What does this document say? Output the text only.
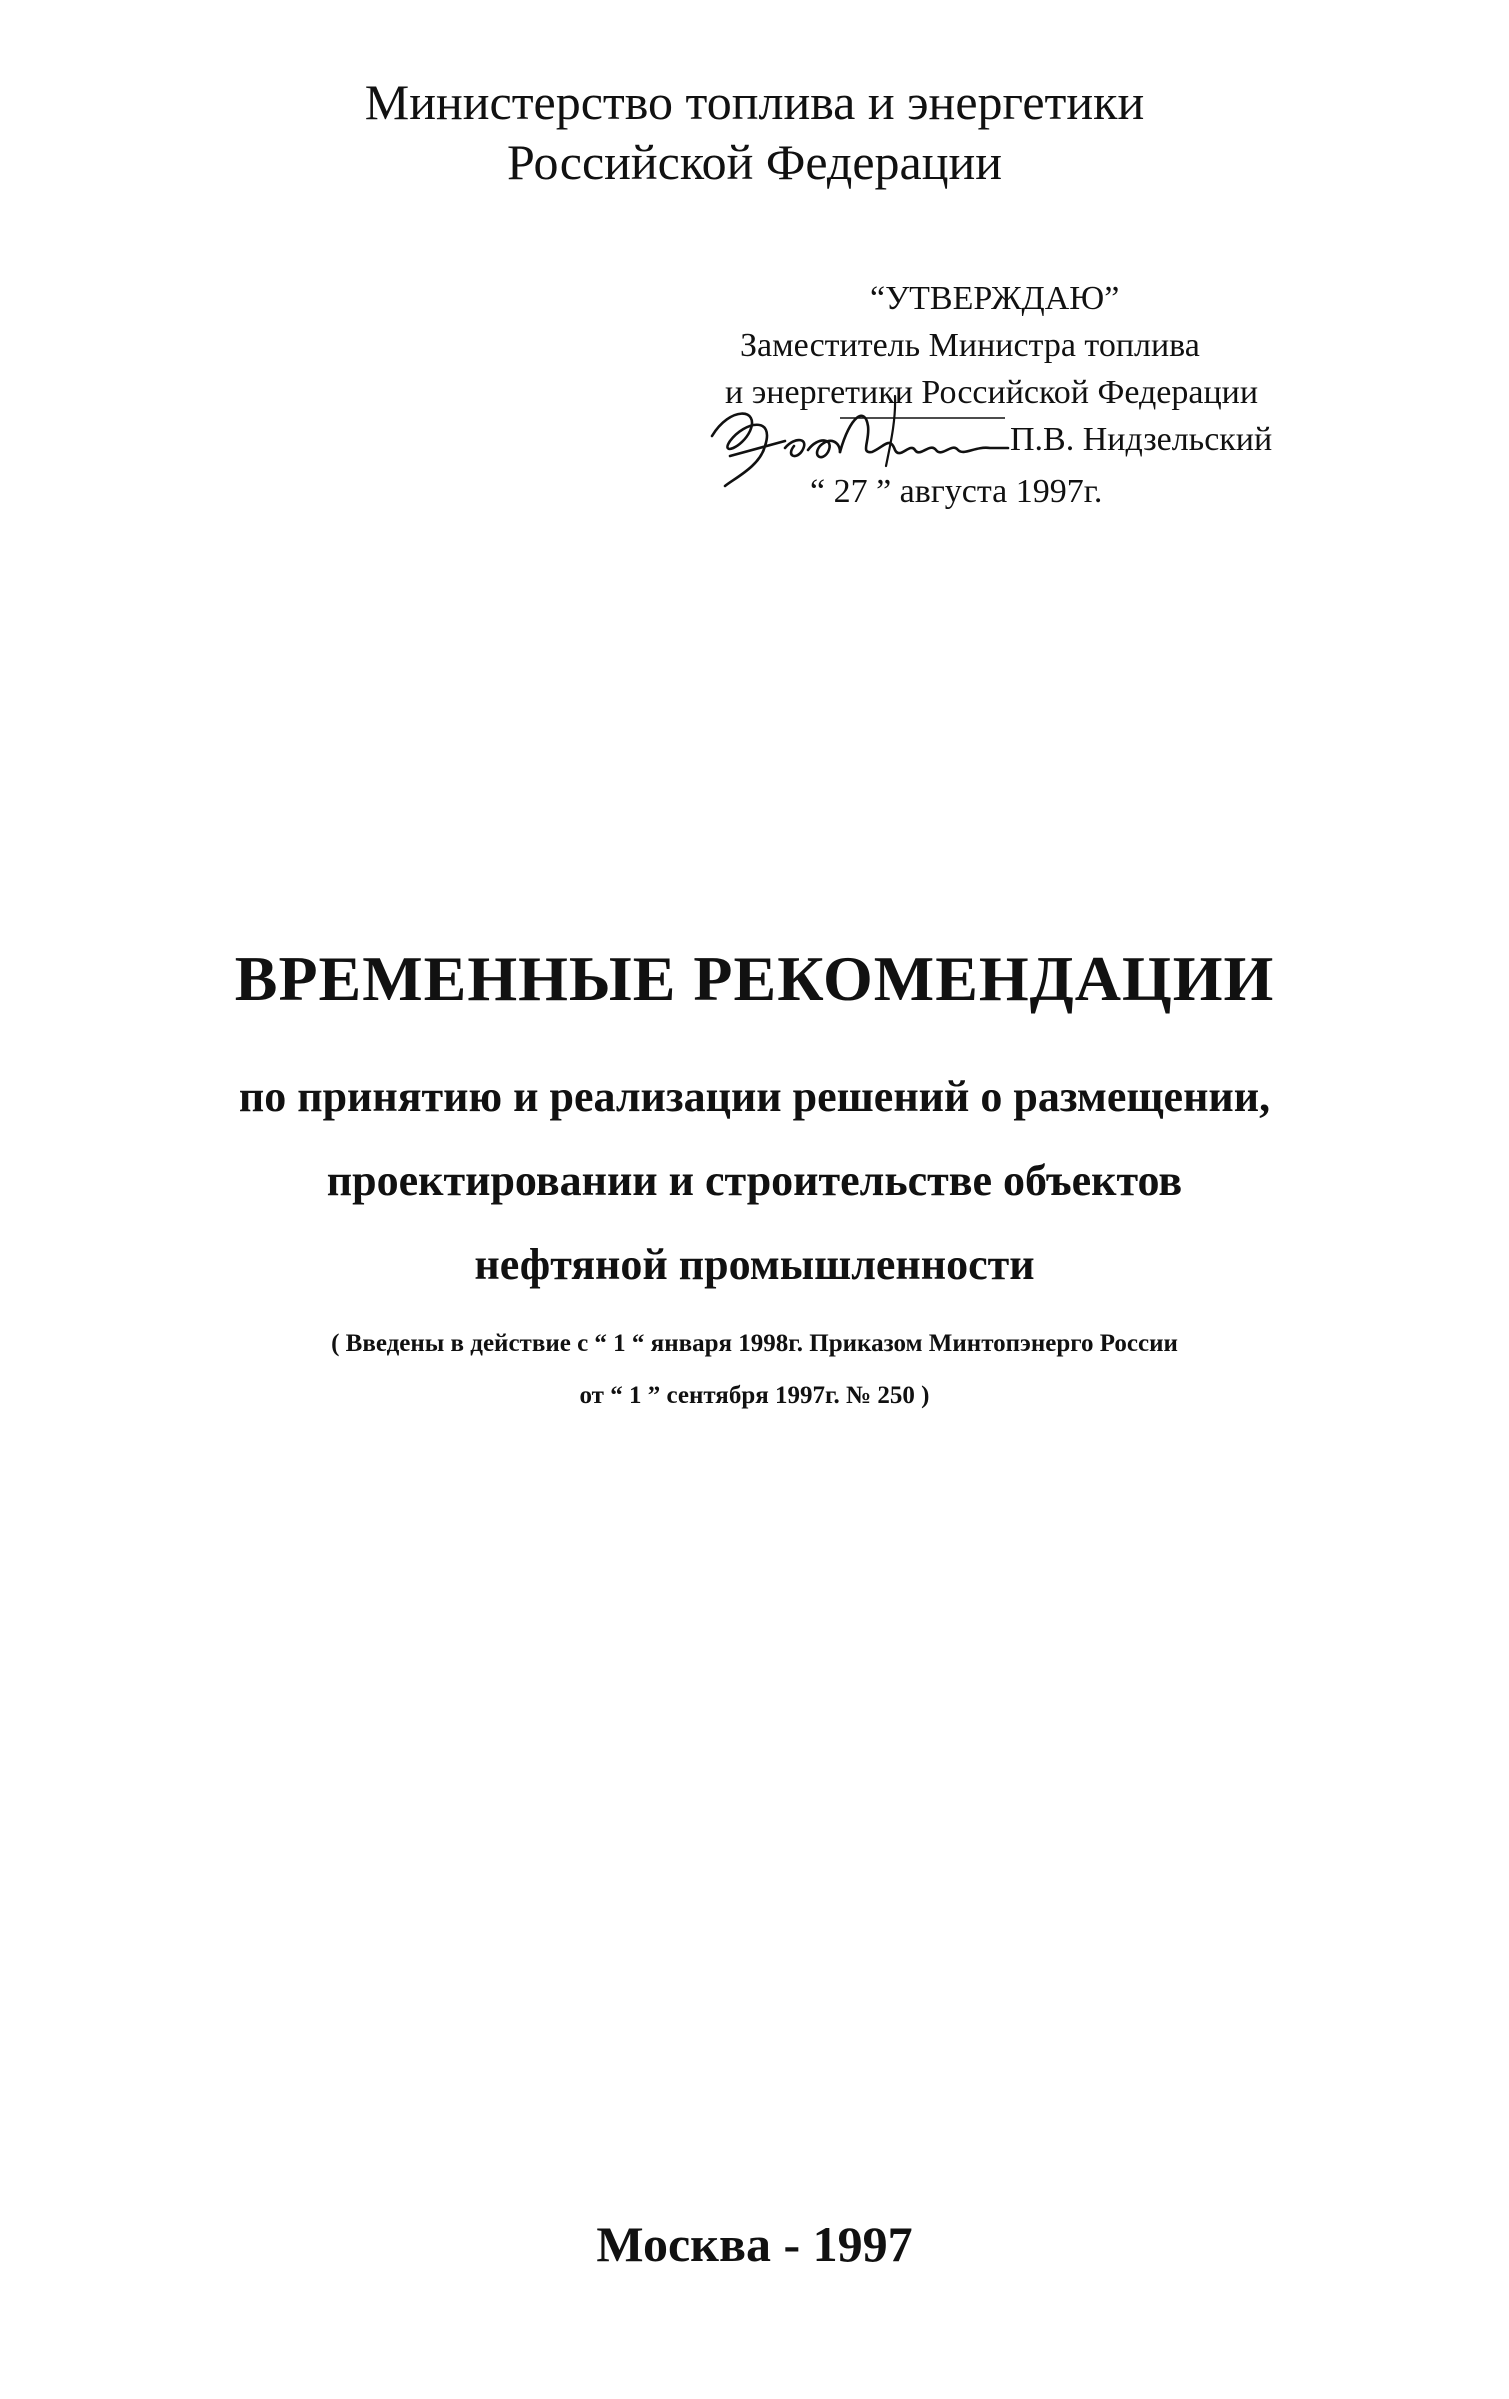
Министерство топлива и энергетики
Российской Федерации
“УТВЕРЖДАЮ”
Заместитель Министра топлива
и энергетики Российской Федерации
П.В. Нидзельский
“ 27 ” августа 1997г.
ВРЕМЕННЫЕ РЕКОМЕНДАЦИИ
по принятию и реализации решений о размещении,
проектировании и строительстве объектов
нефтяной промышленности
( Введены в действие с “ 1 “ января 1998г. Приказом Минтопэнерго России
от “ 1 ” сентября 1997г. № 250 )
Москва - 1997
